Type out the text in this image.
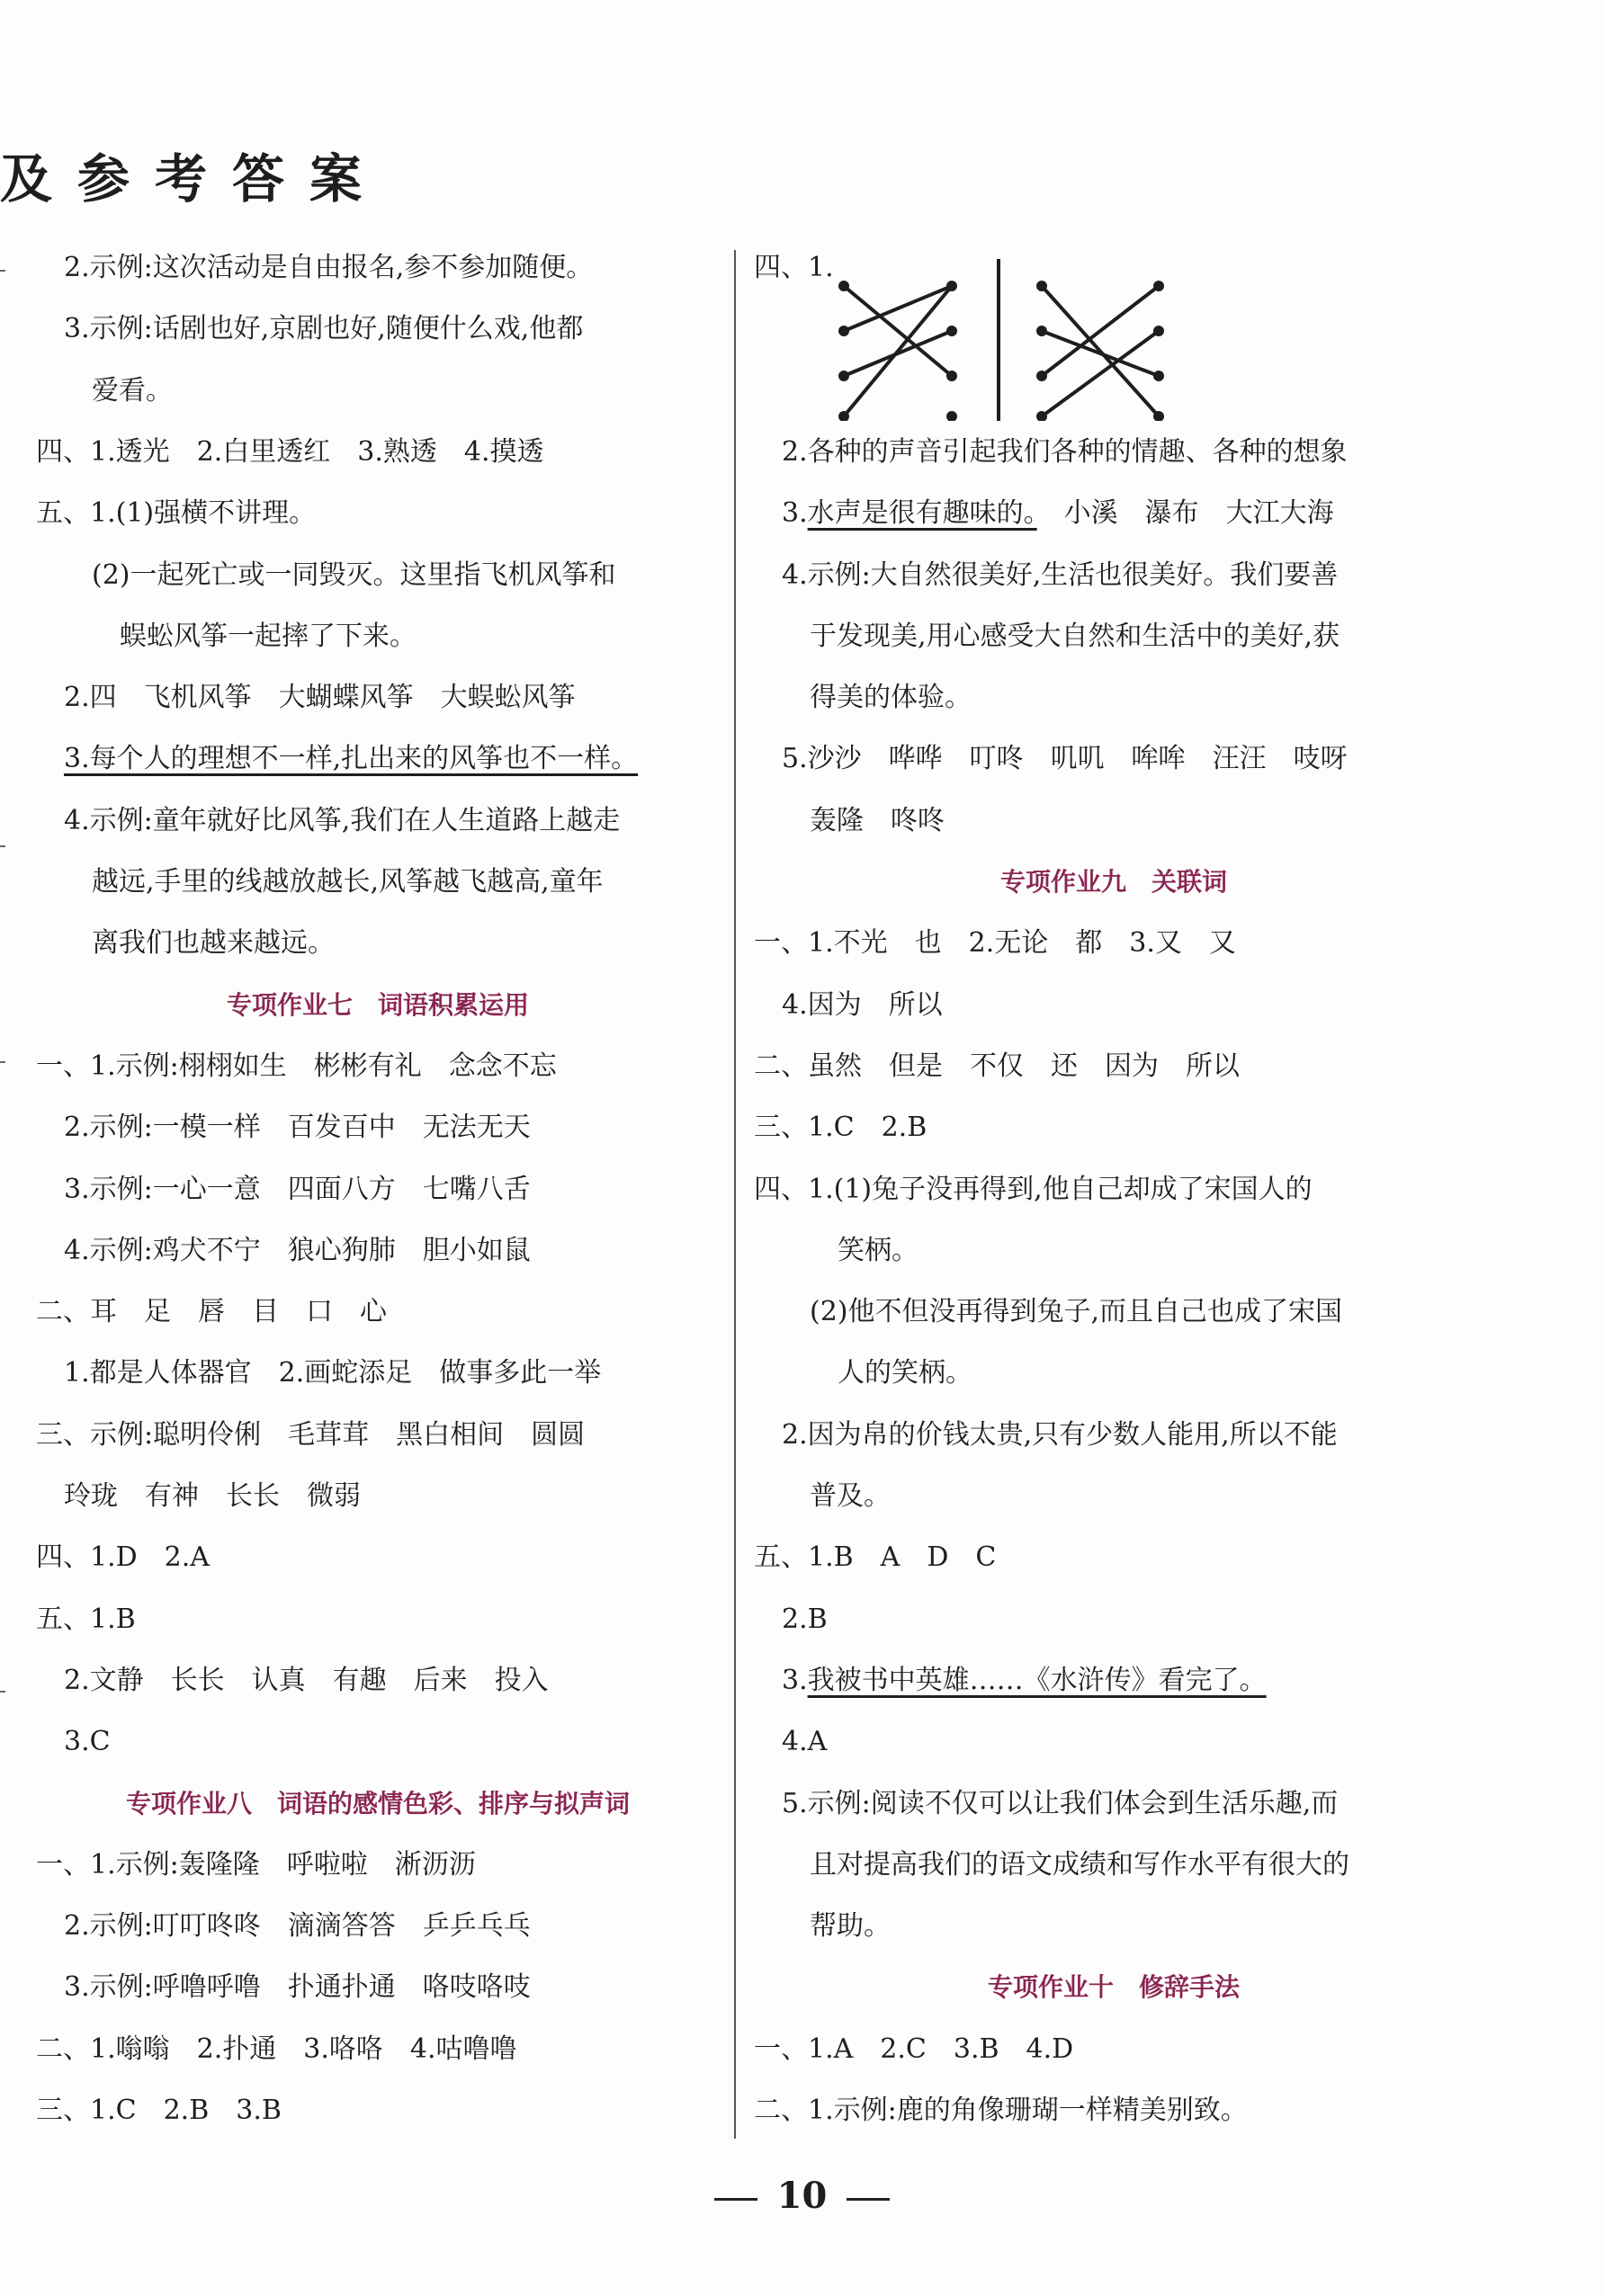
及参考答案
2.示例:这次活动是自由报名,参不参加随便。
3.示例:话剧也好,京剧也好,随便什么戏,他都
爱看。
四、1.透光　2.白里透红　3.熟透　4.摸透
五、1.(1)强横不讲理。
(2)一起死亡或一同毁灭。这里指飞机风筝和
蜈蚣风筝一起摔了下来。
2.四　飞机风筝　大蝴蝶风筝　大蜈蚣风筝
3.每个人的理想不一样,扎出来的风筝也不一样。
4.示例:童年就好比风筝,我们在人生道路上越走
越远,手里的线越放越长,风筝越飞越高,童年
离我们也越来越远。
专项作业七　词语积累运用
一、1.示例:栩栩如生　彬彬有礼　念念不忘
2.示例:一模一样　百发百中　无法无天
3.示例:一心一意　四面八方　七嘴八舌
4.示例:鸡犬不宁　狼心狗肺　胆小如鼠
二、耳　足　唇　目　口　心
1.都是人体器官　2.画蛇添足　做事多此一举
三、示例:聪明伶俐　毛茸茸　黑白相间　圆圆
玲珑　有神　长长　微弱
四、1.D　2.A
五、1.B
2.文静　长长　认真　有趣　后来　投入
3.C
专项作业八　词语的感情色彩、排序与拟声词
一、1.示例:轰隆隆　呼啦啦　淅沥沥
2.示例:叮叮咚咚　滴滴答答　乒乒乓乓
3.示例:呼噜呼噜　扑通扑通　咯吱咯吱
二、1.嗡嗡　2.扑通　3.咯咯　4.咕噜噜
三、1.C　2.B　3.B
四、1.
2.各种的声音引起我们各种的情趣、各种的想象
3.水声是很有趣味的。　小溪　瀑布　大江大海
4.示例:大自然很美好,生活也很美好。我们要善
于发现美,用心感受大自然和生活中的美好,获
得美的体验。
5.沙沙　哗哗　叮咚　叽叽　哞哞　汪汪　吱呀
轰隆　咚咚
专项作业九　关联词
一、1.不光　也　2.无论　都　3.又　又
4.因为　所以
二、虽然　但是　不仅　还　因为　所以
三、1.C　2.B
四、1.(1)兔子没再得到,他自己却成了宋国人的
笑柄。
(2)他不但没再得到兔子,而且自己也成了宋国
人的笑柄。
2.因为帛的价钱太贵,只有少数人能用,所以不能
普及。
五、1.B　A　D　C
2.B
3.我被书中英雄……《水浒传》看完了。
4.A
5.示例:阅读不仅可以让我们体会到生活乐趣,而
且对提高我们的语文成绩和写作水平有很大的
帮助。
专项作业十　修辞手法
一、1.A　2.C　3.B　4.D
二、1.示例:鹿的角像珊瑚一样精美别致。
10
